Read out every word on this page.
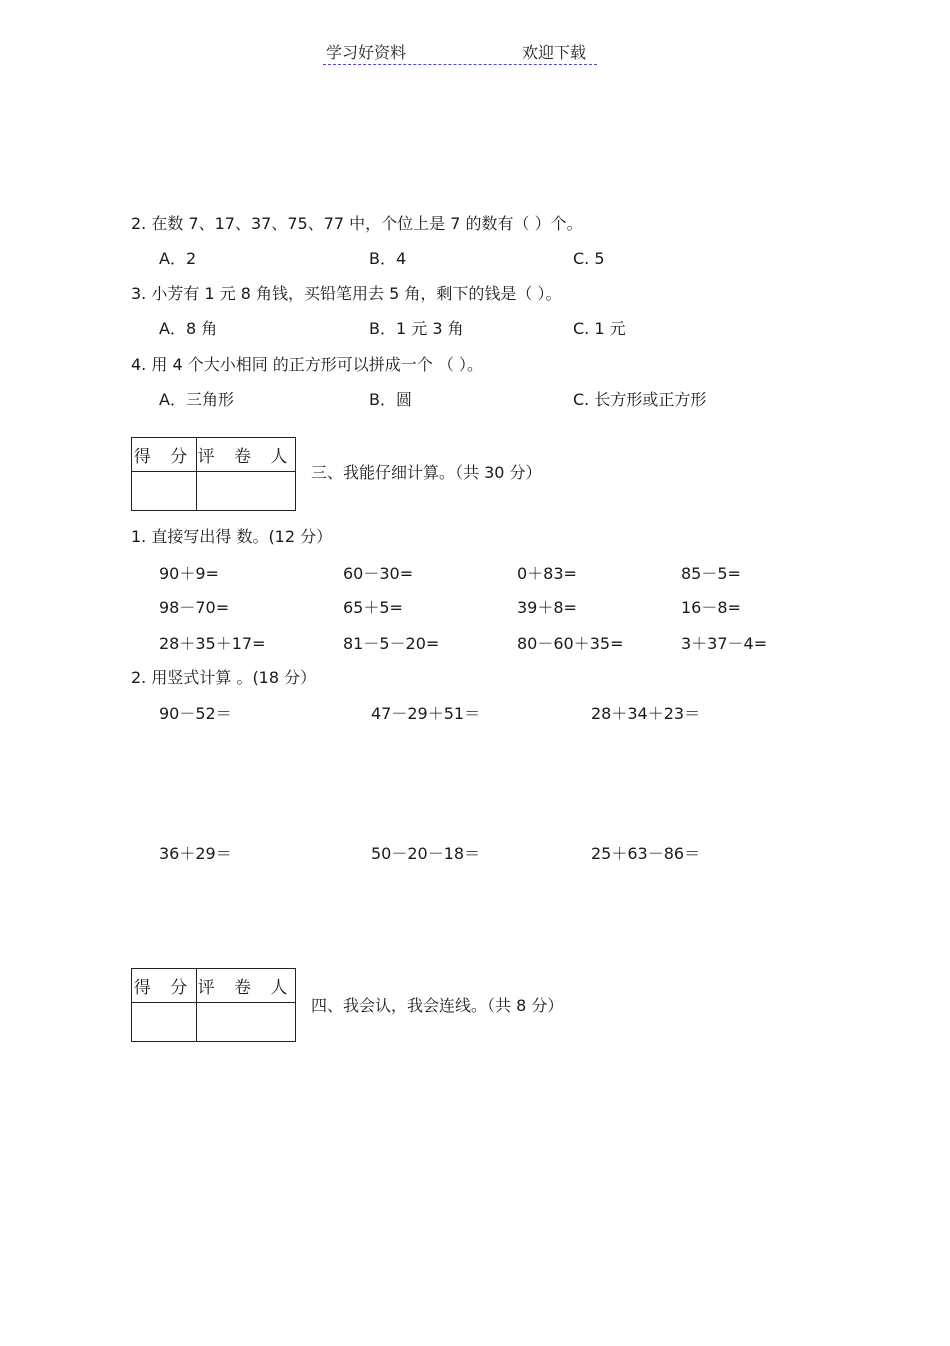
学习好资料	欢迎下载
2. 在数 7、17、37、75、77 中，个位上是 7 的数有（ ）个。
A．2	B．4	C. 5
3. 小芳有 1 元 8 角钱，买铅笔用去 5 角，剩下的钱是（ ）。
A．8 角	B．1 元 3 角	C. 1 元
4. 用 4 个大小相同 的正方形可以拼成一个 （ ）。
A．三角形	B．圆	C. 长方形或正方形
得 分	评 卷 人

三、我能仔细计算。（共 30 分）
1. 直接写出得 数。(12 分）
90＋9=	60－30=	0＋83=	85－5=
98－70=	65＋5=	39＋8=	16－8=
28＋35＋17=	81－5－20=	80－60＋35=	3＋37－4=
2. 用竖式计算 。(18 分）
90－52＝	47－29＋51＝	28＋34＋23＝
36＋29＝	50－20－18＝	25＋63－86＝
得 分	评 卷 人

四、我会认，我会连线。（共 8 分）
